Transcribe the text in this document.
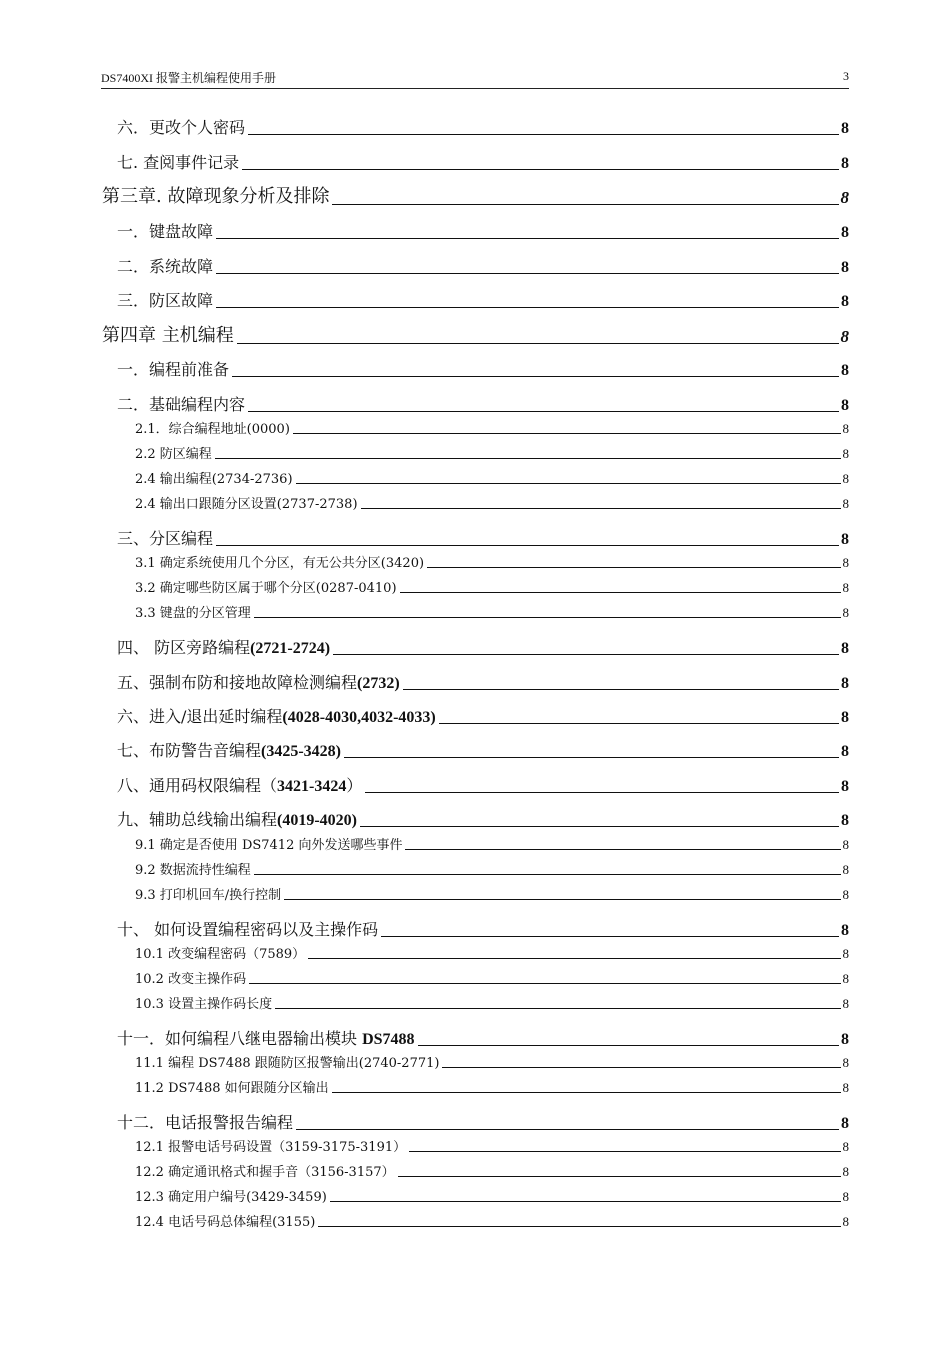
DS7400XI 报警主机编程使用手册	3
六．更改个人密码	8
七. 查阅事件记录	8
第三章. 故障现象分析及排除	8
一．键盘故障	8
二．系统故障	8
三．防区故障	8
第四章 主机编程	8
一．编程前准备	8
二．基础编程内容	8
2.1．综合编程地址(0000)	8
2.2 防区编程	8
2.4 输出编程(2734-2736)	8
2.4 输出口跟随分区设置(2737-2738)	8
三、分区编程	8
3.1 确定系统使用几个分区，有无公共分区(3420)	8
3.2 确定哪些防区属于哪个分区(0287-0410)	8
3.3 键盘的分区管理	8
四、 防区旁路编程(2721-2724)	8
五、强制布防和接地故障检测编程(2732)	8
六、进入/退出延时编程(4028-4030,4032-4033)	8
七、布防警告音编程(3425-3428)	8
八、通用码权限编程（3421-3424）	8
九、辅助总线输出编程(4019-4020)	8
9.1 确定是否使用 DS7412 向外发送哪些事件	8
9.2 数据流持性编程	8
9.3 打印机回车/换行控制	8
十、 如何设置编程密码以及主操作码	8
10.1 改变编程密码（7589）	8
10.2 改变主操作码	8
10.3 设置主操作码长度	8
十一．如何编程八继电器输出模块 DS7488	8
11.1 编程 DS7488 跟随防区报警输出(2740-2771)	8
11.2 DS7488 如何跟随分区输出	8
十二．电话报警报告编程	8
12.1 报警电话号码设置（3159-3175-3191）	8
12.2 确定通讯格式和握手音（3156-3157）	8
12.3 确定用户编号(3429-3459)	8
12.4 电话号码总体编程(3155)	8
